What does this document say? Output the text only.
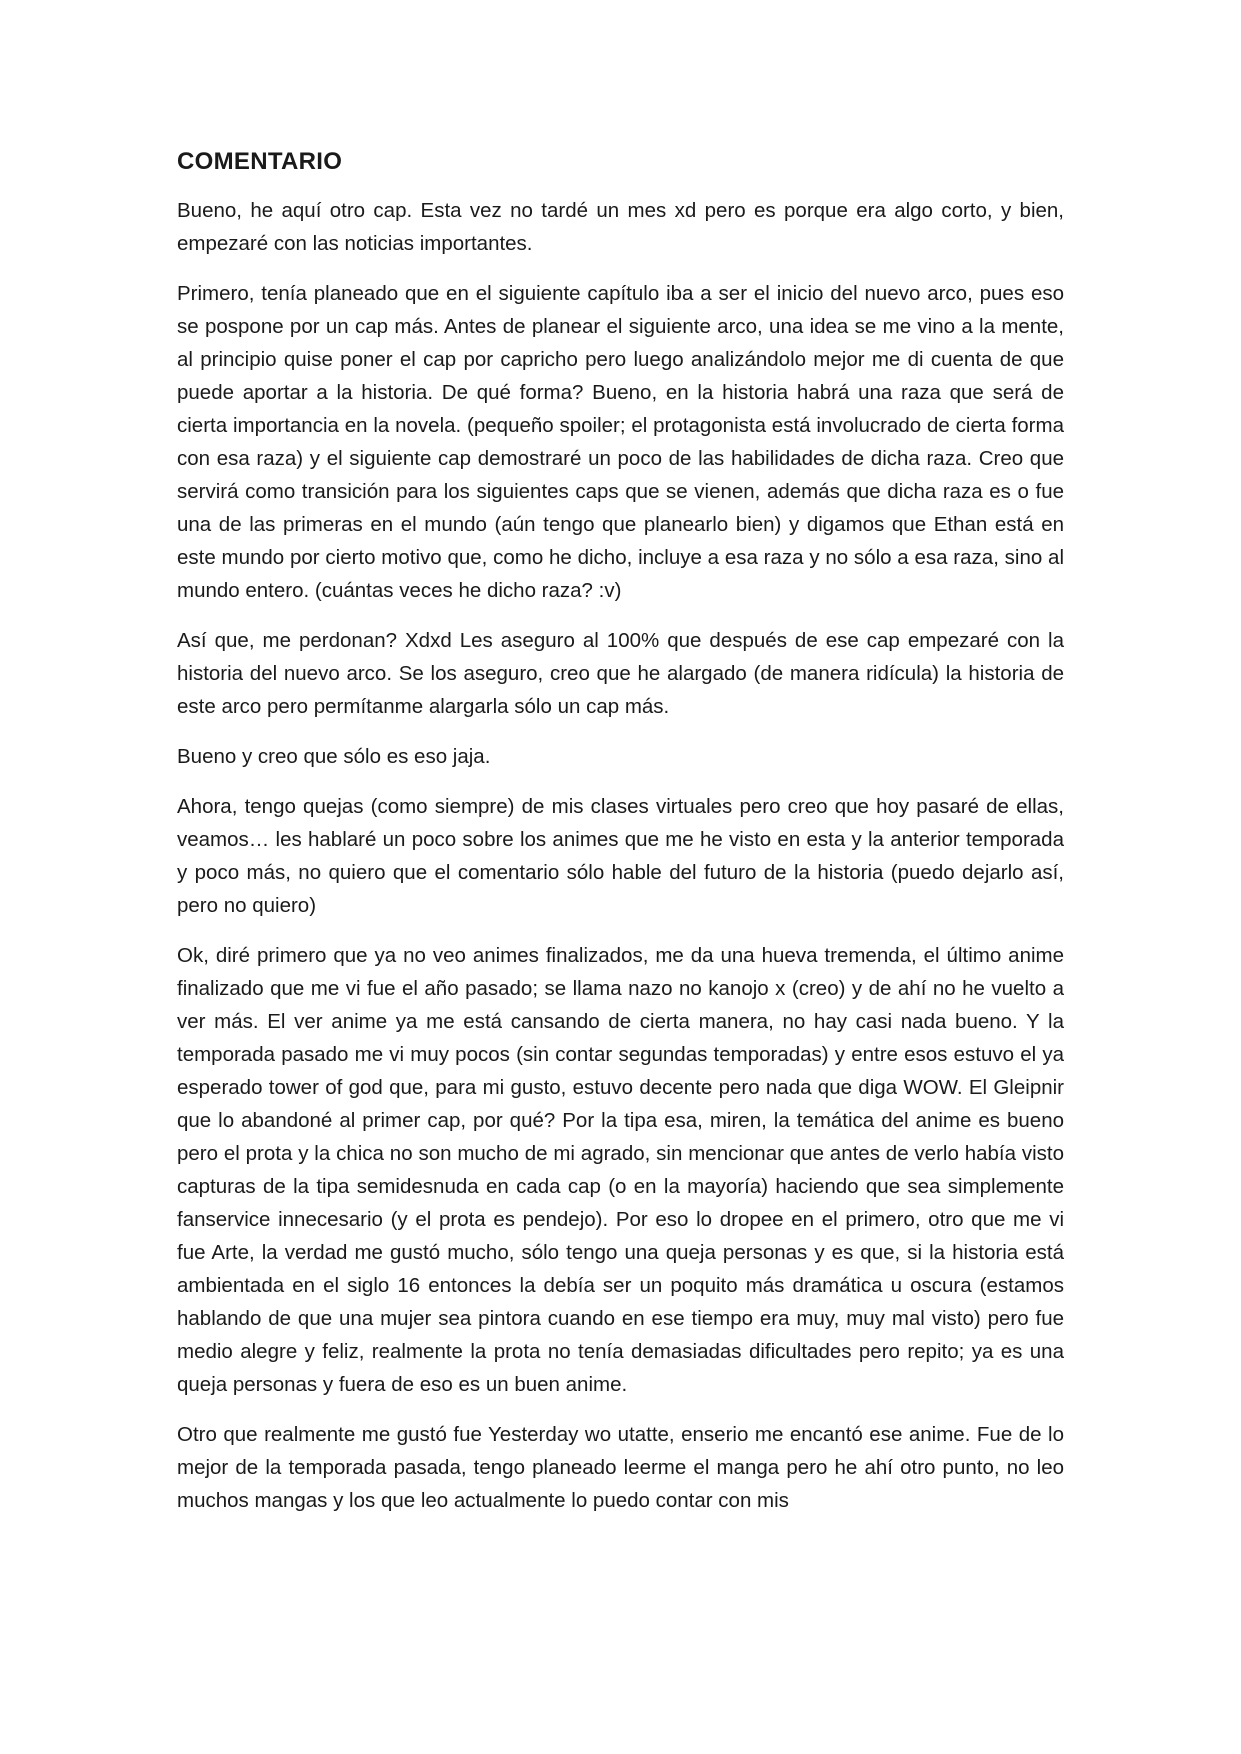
COMENTARIO

Bueno, he aquí otro cap. Esta vez no tardé un mes xd pero es porque era algo corto, y bien, empezaré con las noticias importantes.

Primero, tenía planeado que en el siguiente capítulo iba a ser el inicio del nuevo arco, pues eso se pospone por un cap más. Antes de planear el siguiente arco, una idea se me vino a la mente, al principio quise poner el cap por capricho pero luego analizándolo mejor me di cuenta de que puede aportar a la historia. De qué forma? Bueno, en la historia habrá una raza que será de cierta importancia en la novela. (pequeño spoiler; el protagonista está involucrado de cierta forma con esa raza) y el siguiente cap demostraré un poco de las habilidades de dicha raza. Creo que servirá como transición para los siguientes caps que se vienen, además que dicha raza es o fue una de las primeras en el mundo (aún tengo que planearlo bien) y digamos que Ethan está en este mundo por cierto motivo que, como he dicho, incluye a esa raza y no sólo a esa raza, sino al mundo entero. (cuántas veces he dicho raza? :v)

Así que, me perdonan? Xdxd Les aseguro al 100% que después de ese cap empezaré con la historia del nuevo arco. Se los aseguro, creo que he alargado (de manera ridícula) la historia de este arco pero permítanme alargarla sólo un cap más.

Bueno y creo que sólo es eso jaja.

Ahora, tengo quejas (como siempre) de mis clases virtuales pero creo que hoy pasaré de ellas, veamos… les hablaré un poco sobre los animes que me he visto en esta y la anterior temporada y poco más, no quiero que el comentario sólo hable del futuro de la historia (puedo dejarlo así, pero no quiero)

Ok, diré primero que ya no veo animes finalizados, me da una hueva tremenda, el último anime finalizado que me vi fue el año pasado; se llama nazo no kanojo x (creo) y de ahí no he vuelto a ver más. El ver anime ya me está cansando de cierta manera, no hay casi nada bueno. Y la temporada pasado me vi muy pocos (sin contar segundas temporadas) y entre esos estuvo el ya esperado tower of god que, para mi gusto, estuvo decente pero nada que diga WOW. El Gleipnir que lo abandoné al primer cap, por qué? Por la tipa esa, miren, la temática del anime es bueno pero el prota y la chica no son mucho de mi agrado, sin mencionar que antes de verlo había visto capturas de la tipa semidesnuda en cada cap (o en la mayoría) haciendo que sea simplemente fanservice innecesario (y el prota es pendejo). Por eso lo dropee en el primero, otro que me vi fue Arte, la verdad me gustó mucho, sólo tengo una queja personas y es que, si la historia está ambientada en el siglo 16 entonces la debía ser un poquito más dramática u oscura (estamos hablando de que una mujer sea pintora cuando en ese tiempo era muy, muy mal visto) pero fue medio alegre y feliz, realmente la prota no tenía demasiadas dificultades pero repito; ya es una queja personas y fuera de eso es un buen anime.

Otro que realmente me gustó fue Yesterday wo utatte, enserio me encantó ese anime. Fue de lo mejor de la temporada pasada, tengo planeado leerme el manga pero he ahí otro punto, no leo muchos mangas y los que leo actualmente lo puedo contar con mis
